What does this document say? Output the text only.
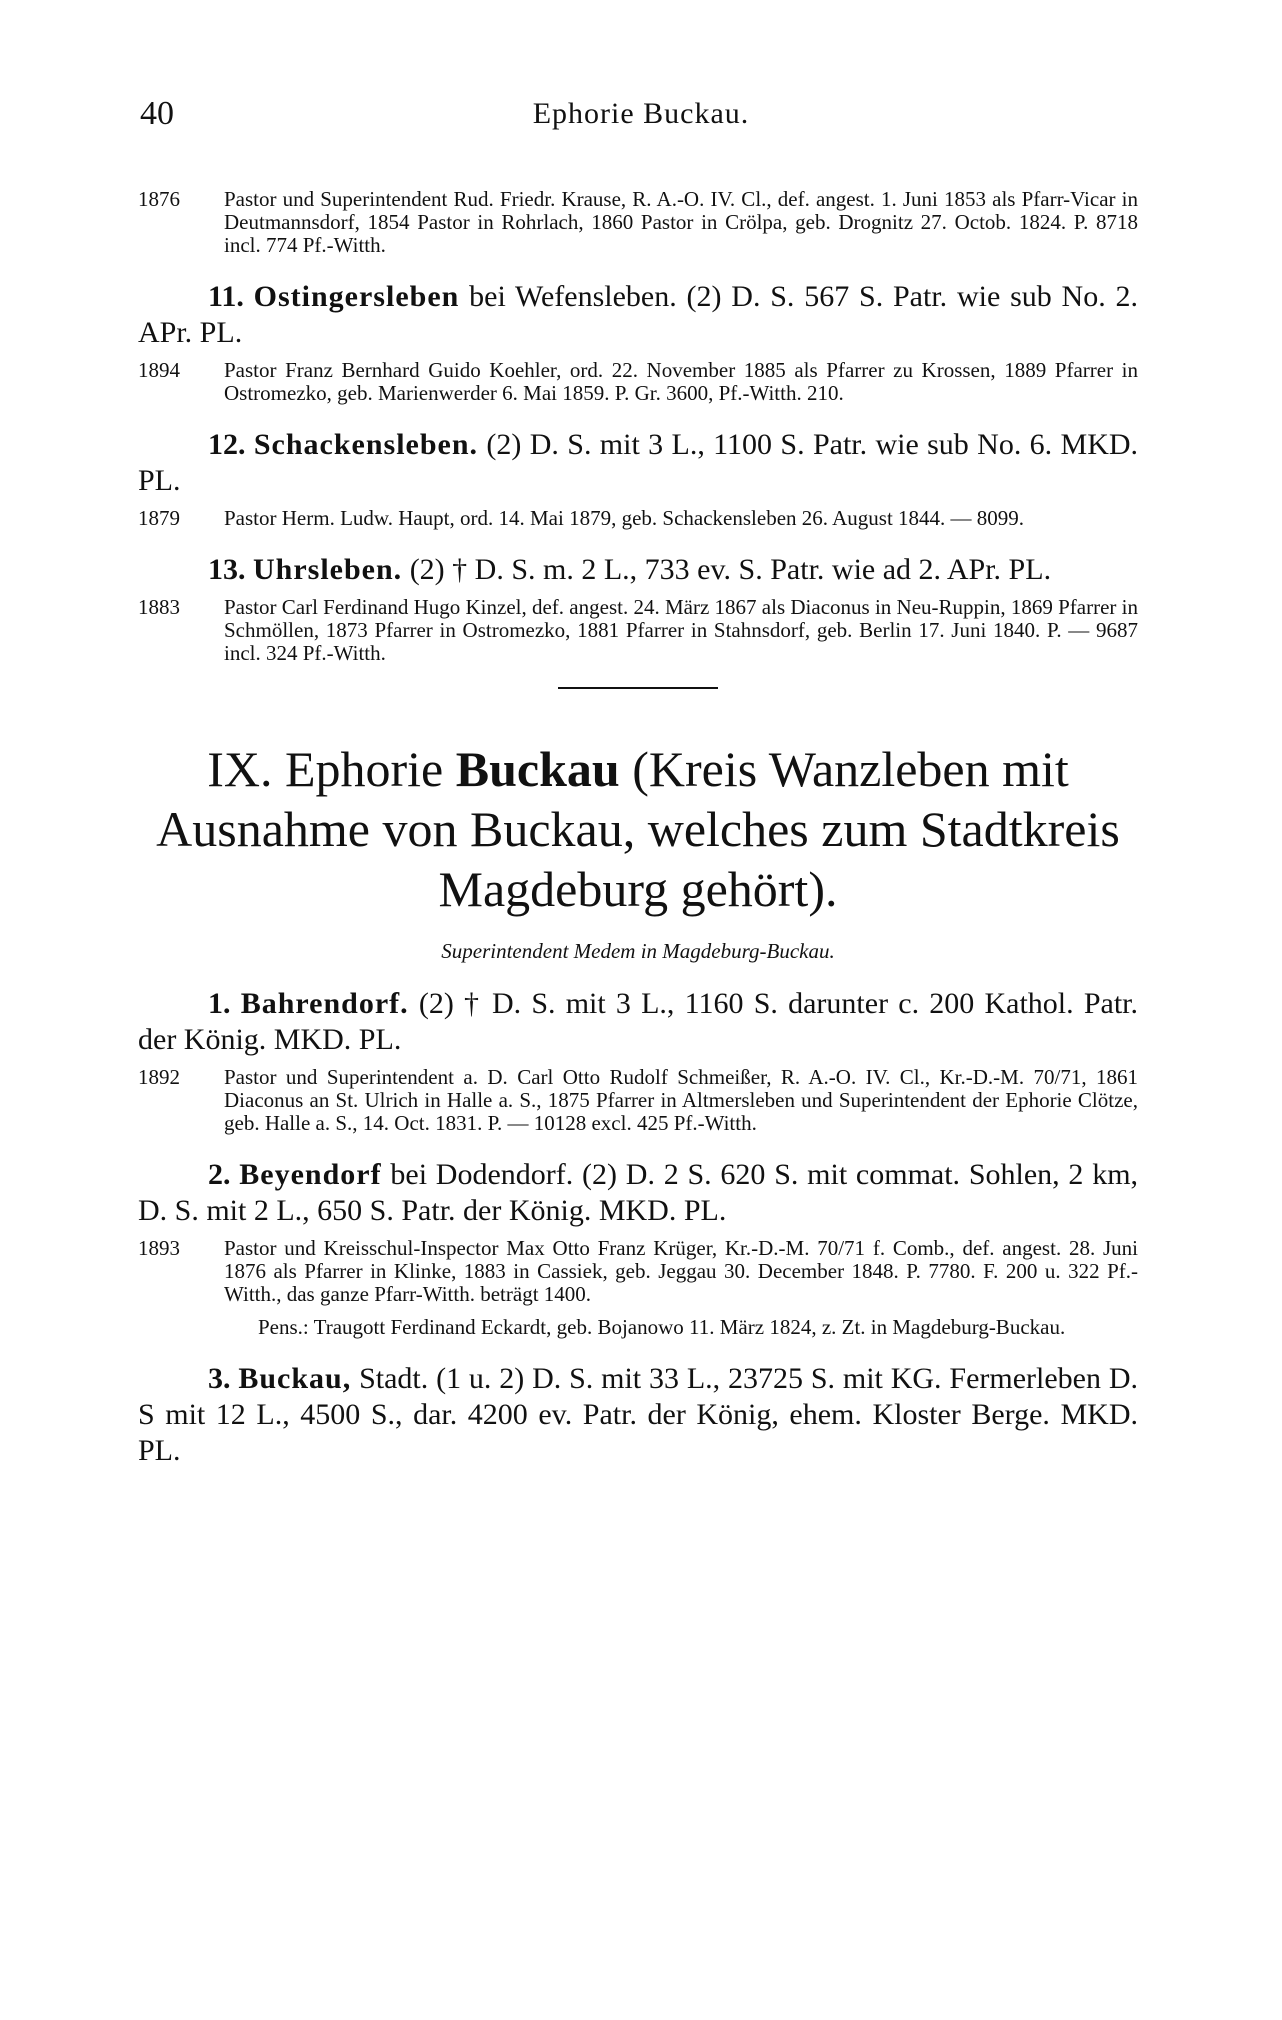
40	Ephorie Buckau.
1876	Pastor und Superintendent Rud. Friedr. Krause, R. A.-O. IV. Cl., def. angest. 1. Juni 1853 als Pfarr-Vicar in Deutmannsdorf, 1854 Pastor in Rohrlach, 1860 Pastor in Crölpa, geb. Drognitz 27. Octob. 1824. P. 8718 incl. 774 Pf.-Witth.
11. Ostingersleben bei Wefensleben. (2) D. S. 567 S. Patr. wie sub No. 2. APr. PL.
1894	Pastor Franz Bernhard Guido Koehler, ord. 22. November 1885 als Pfarrer zu Krossen, 1889 Pfarrer in Ostromezko, geb. Marienwerder 6. Mai 1859. P. Gr. 3600, Pf.-Witth. 210.
12. Schackensleben. (2) D. S. mit 3 L., 1100 S. Patr. wie sub No. 6. MKD. PL.
1879	Pastor Herm. Ludw. Haupt, ord. 14. Mai 1879, geb. Schackensleben 26. August 1844. — 8099.
13. Uhrsleben. (2) † D. S. m. 2 L., 733 ev. S. Patr. wie ad 2. APr. PL.
1883	Pastor Carl Ferdinand Hugo Kinzel, def. angest. 24. März 1867 als Diaconus in Neu-Ruppin, 1869 Pfarrer in Schmöllen, 1873 Pfarrer in Ostromezko, 1881 Pfarrer in Stahnsdorf, geb. Berlin 17. Juni 1840. P. — 9687 incl. 324 Pf.-Witth.
IX. Ephorie Buckau (Kreis Wanzleben mit Ausnahme von Buckau, welches zum Stadtkreis Magdeburg gehört).
Superintendent Medem in Magdeburg-Buckau.
1. Bahrendorf. (2) † D. S. mit 3 L., 1160 S. darunter c. 200 Kathol. Patr. der König. MKD. PL.
1892	Pastor und Superintendent a. D. Carl Otto Rudolf Schmeißer, R. A.-O. IV. Cl., Kr.-D.-M. 70/71, 1861 Diaconus an St. Ulrich in Halle a. S., 1875 Pfarrer in Altmersleben und Superintendent der Ephorie Clötze, geb. Halle a. S., 14. Oct. 1831. P. — 10128 excl. 425 Pf.-Witth.
2. Beyendorf bei Dodendorf. (2) D. 2 S. 620 S. mit commat. Sohlen, 2 km, D. S. mit 2 L., 650 S. Patr. der König. MKD. PL.
1893	Pastor und Kreisschul-Inspector Max Otto Franz Krüger, Kr.-D.-M. 70/71 f. Comb., def. angest. 28. Juni 1876 als Pfarrer in Klinke, 1883 in Cassiek, geb. Jeggau 30. December 1848. P. 7780. F. 200 u. 322 Pf.-Witth., das ganze Pfarr-Witth. beträgt 1400.
Pens.: Traugott Ferdinand Eckardt, geb. Bojanowo 11. März 1824, z. Zt. in Magdeburg-Buckau.
3. Buckau, Stadt. (1 u. 2) D. S. mit 33 L., 23725 S. mit KG. Fermerleben D. S mit 12 L., 4500 S., dar. 4200 ev. Patr. der König, ehem. Kloster Berge. MKD. PL.
